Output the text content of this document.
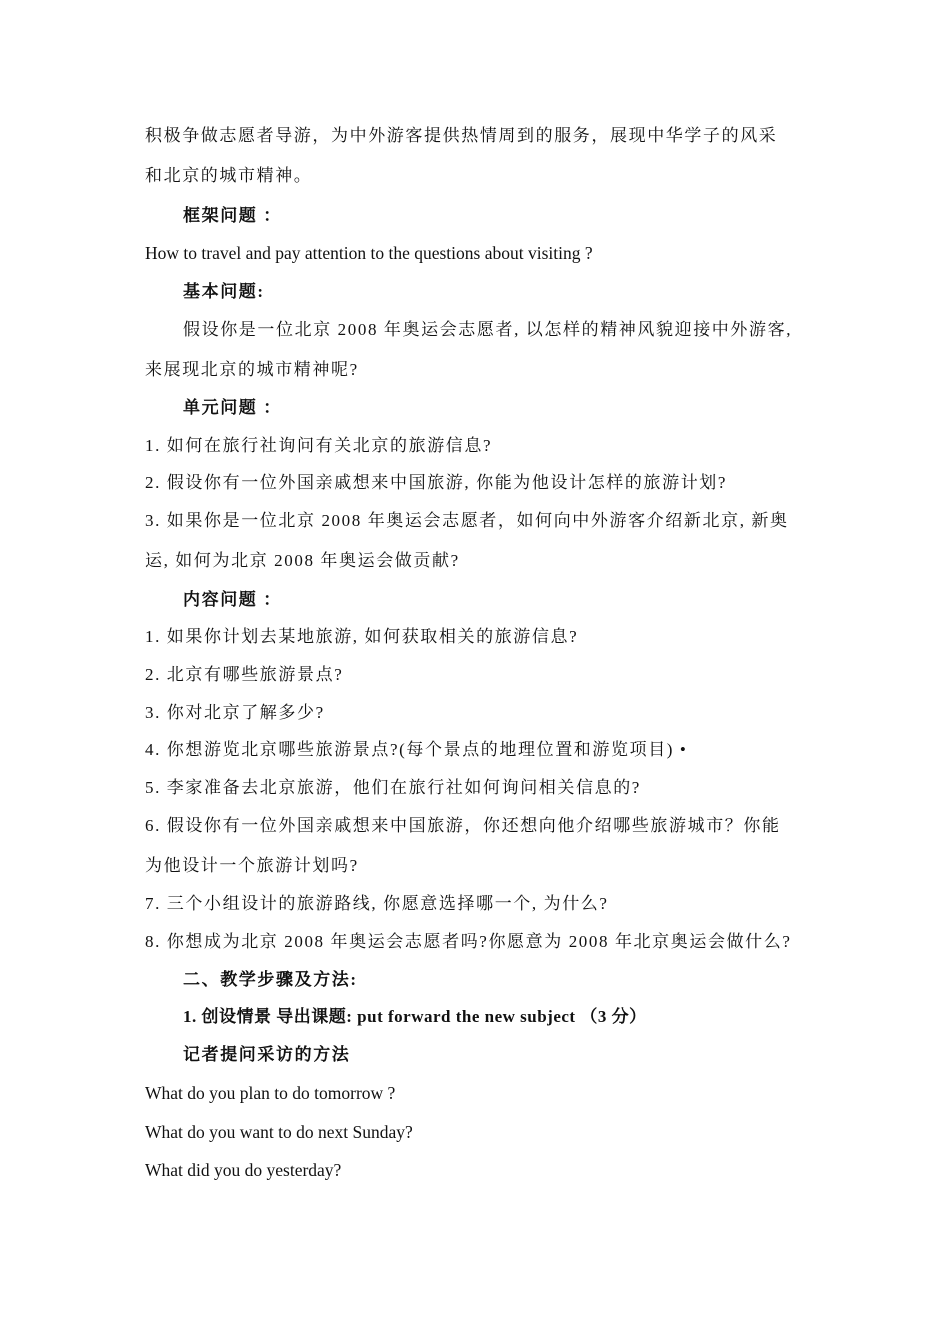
积极争做志愿者导游，为中外游客提供热情周到的服务，展现中华学子的风采
和北京的城市精神。
框架问题 ：
How to travel and pay attention to the questions about visiting ?
基本问题:
假设你是一位北京 2008 年奥运会志愿者, 以怎样的精神风貌迎接中外游客,
来展现北京的城市精神呢?
单元问题 ：
1. 如何在旅行社询问有关北京的旅游信息?
2. 假设你有一位外国亲戚想来中国旅游, 你能为他设计怎样的旅游计划?
3. 如果你是一位北京 2008 年奥运会志愿者，如何向中外游客介绍新北京, 新奥
运, 如何为北京 2008 年奥运会做贡献?
内容问题 ：
1. 如果你计划去某地旅游, 如何获取相关的旅游信息?
2. 北京有哪些旅游景点?
3. 你对北京了解多少?
4. 你想游览北京哪些旅游景点?(每个景点的地理位置和游览项目) •
5. 李家准备去北京旅游，他们在旅行社如何询问相关信息的?
6. 假设你有一位外国亲戚想来中国旅游，你还想向他介绍哪些旅游城市？你能
为他设计一个旅游计划吗?
7. 三个小组设计的旅游路线, 你愿意选择哪一个, 为什么?
8. 你想成为北京 2008 年奥运会志愿者吗?你愿意为 2008 年北京奥运会做什么?
二、教学步骤及方法:
1. 创设情景 导出课题: put forward the new subject （3 分）
记者提问采访的方法
What do you plan to do tomorrow ?
What do you want to do next Sunday?
What did you do yesterday?
